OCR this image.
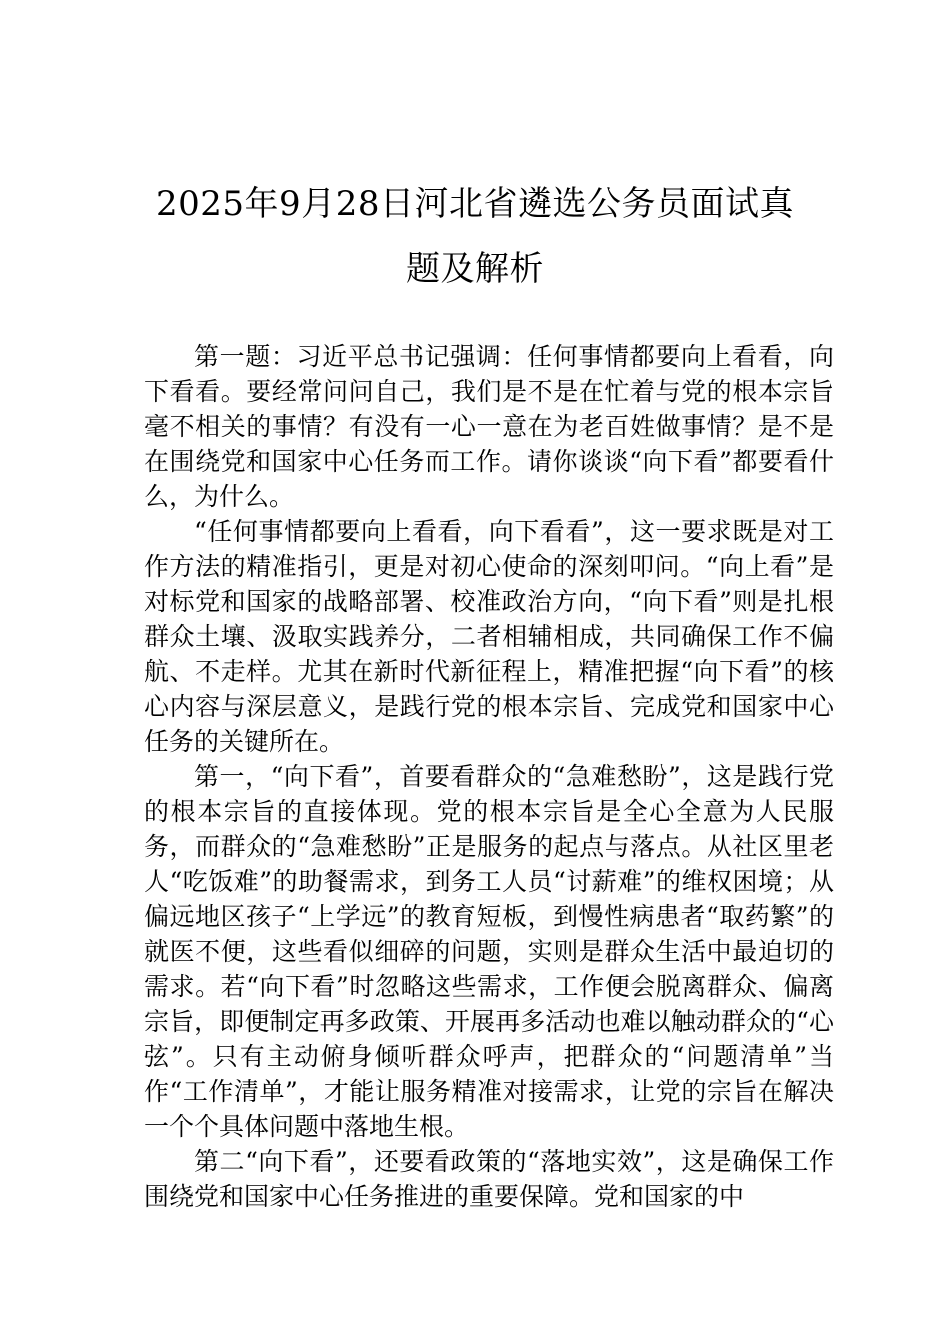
2025年9月28日河北省遴选公务员面试真
题及解析

第一题：习近平总书记强调：任何事情都要向上看看，向下看看。要经常问问自己，我们是不是在忙着与党的根本宗旨毫不相关的事情？有没有一心一意在为老百姓做事情？是不是在围绕党和国家中心任务而工作。请你谈谈“向下看”都要看什么，为什么。

“任何事情都要向上看看，向下看看”，这一要求既是对工作方法的精准指引，更是对初心使命的深刻叩问。“向上看”是对标党和国家的战略部署、校准政治方向，“向下看”则是扎根群众土壤、汲取实践养分，二者相辅相成，共同确保工作不偏航、不走样。尤其在新时代新征程上，精准把握“向下看”的核心内容与深层意义，是践行党的根本宗旨、完成党和国家中心任务的关键所在。

第一，“向下看”，首要看群众的“急难愁盼”，这是践行党的根本宗旨的直接体现。党的根本宗旨是全心全意为人民服务，而群众的“急难愁盼”正是服务的起点与落点。从社区里老人“吃饭难”的助餐需求，到务工人员“讨薪难”的维权困境；从偏远地区孩子“上学远”的教育短板，到慢性病患者“取药繁”的就医不便，这些看似细碎的问题，实则是群众生活中最迫切的需求。若“向下看”时忽略这些需求，工作便会脱离群众、偏离宗旨，即便制定再多政策、开展再多活动也难以触动群众的“心弦”。只有主动俯身倾听群众呼声，把群众的“问题清单”当作“工作清单”，才能让服务精准对接需求，让党的宗旨在解决一个个具体问题中落地生根。

第二“向下看”，还要看政策的“落地实效”，这是确保工作围绕党和国家中心任务推进的重要保障。党和国家的中
